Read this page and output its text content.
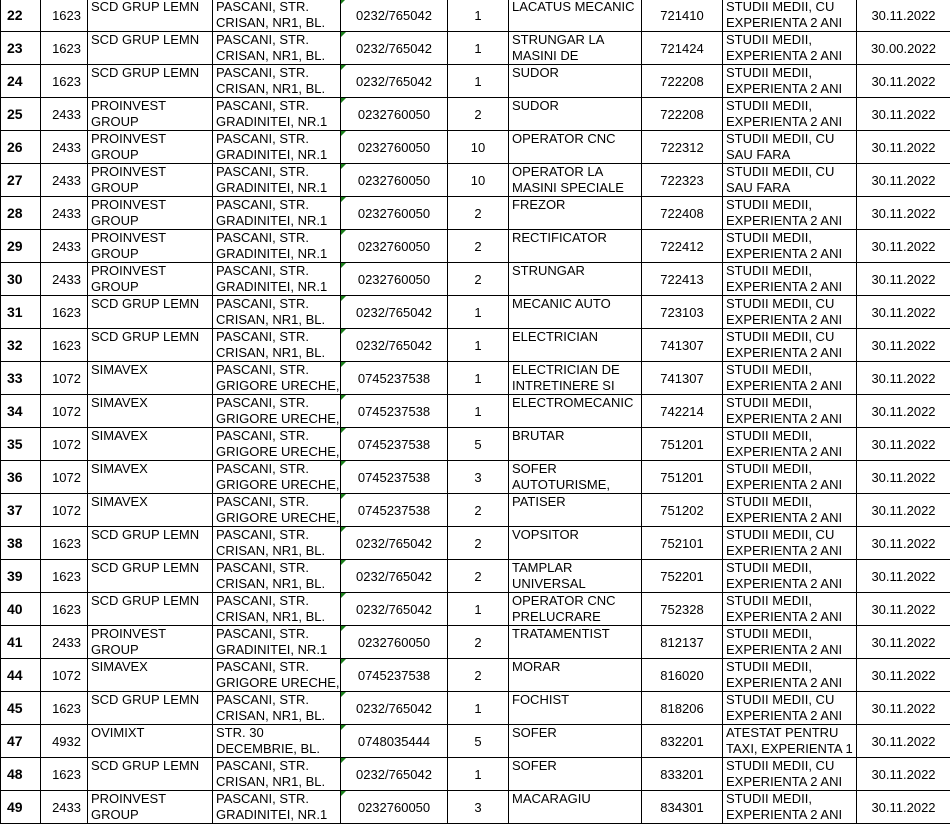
22	1623	SCD GRUP LEMN	PASCANI, STR. CRISAN, NR1, BL.	0232/765042	1	LACATUS MECANIC	721410	STUDII MEDII, CU EXPERIENTA 2 ANI	30.11.2022
23	1623	SCD GRUP LEMN	PASCANI, STR. CRISAN, NR1, BL.	0232/765042	1	STRUNGAR LA MASINI DE	721424	STUDII MEDII, EXPERIENTA 2 ANI	30.00.2022
24	1623	SCD GRUP LEMN	PASCANI, STR. CRISAN, NR1, BL.	0232/765042	1	SUDOR	722208	STUDII MEDII, EXPERIENTA 2 ANI	30.11.2022
25	2433	PROINVEST GROUP	PASCANI, STR. GRADINITEI, NR.1	0232760050	2	SUDOR	722208	STUDII MEDII, EXPERIENTA 2 ANI	30.11.2022
26	2433	PROINVEST GROUP	PASCANI, STR. GRADINITEI, NR.1	0232760050	10	OPERATOR CNC	722312	STUDII MEDII, CU SAU FARA	30.11.2022
27	2433	PROINVEST GROUP	PASCANI, STR. GRADINITEI, NR.1	0232760050	10	OPERATOR LA MASINI SPECIALE	722323	STUDII MEDII, CU SAU FARA	30.11.2022
28	2433	PROINVEST GROUP	PASCANI, STR. GRADINITEI, NR.1	0232760050	2	FREZOR	722408	STUDII MEDII, EXPERIENTA 2 ANI	30.11.2022
29	2433	PROINVEST GROUP	PASCANI, STR. GRADINITEI, NR.1	0232760050	2	RECTIFICATOR	722412	STUDII MEDII, EXPERIENTA 2 ANI	30.11.2022
30	2433	PROINVEST GROUP	PASCANI, STR. GRADINITEI, NR.1	0232760050	2	STRUNGAR	722413	STUDII MEDII, EXPERIENTA 2 ANI	30.11.2022
31	1623	SCD GRUP LEMN	PASCANI, STR. CRISAN, NR1, BL.	0232/765042	1	MECANIC AUTO	723103	STUDII MEDII, CU EXPERIENTA 2 ANI	30.11.2022
32	1623	SCD GRUP LEMN	PASCANI, STR. CRISAN, NR1, BL.	0232/765042	1	ELECTRICIAN	741307	STUDII MEDII, CU EXPERIENTA 2 ANI	30.11.2022
33	1072	SIMAVEX	PASCANI, STR. GRIGORE URECHE,	0745237538	1	ELECTRICIAN DE INTRETINERE SI	741307	STUDII MEDII, EXPERIENTA 2 ANI	30.11.2022
34	1072	SIMAVEX	PASCANI, STR. GRIGORE URECHE,	0745237538	1	ELECTROMECANIC	742214	STUDII MEDII, EXPERIENTA 2 ANI	30.11.2022
35	1072	SIMAVEX	PASCANI, STR. GRIGORE URECHE,	0745237538	5	BRUTAR	751201	STUDII MEDII, EXPERIENTA 2 ANI	30.11.2022
36	1072	SIMAVEX	PASCANI, STR. GRIGORE URECHE,	0745237538	3	SOFER AUTOTURISME,	751201	STUDII MEDII, EXPERIENTA 2 ANI	30.11.2022
37	1072	SIMAVEX	PASCANI, STR. GRIGORE URECHE,	0745237538	2	PATISER	751202	STUDII MEDII, EXPERIENTA 2 ANI	30.11.2022
38	1623	SCD GRUP LEMN	PASCANI, STR. CRISAN, NR1, BL.	0232/765042	2	VOPSITOR	752101	STUDII MEDII, CU EXPERIENTA 2 ANI	30.11.2022
39	1623	SCD GRUP LEMN	PASCANI, STR. CRISAN, NR1, BL.	0232/765042	2	TAMPLAR UNIVERSAL	752201	STUDII MEDII, EXPERIENTA 2 ANI	30.11.2022
40	1623	SCD GRUP LEMN	PASCANI, STR. CRISAN, NR1, BL.	0232/765042	1	OPERATOR CNC PRELUCRARE	752328	STUDII MEDII, EXPERIENTA 2 ANI	30.11.2022
41	2433	PROINVEST GROUP	PASCANI, STR. GRADINITEI, NR.1	0232760050	2	TRATAMENTIST	812137	STUDII MEDII, EXPERIENTA 2 ANI	30.11.2022
44	1072	SIMAVEX	PASCANI, STR. GRIGORE URECHE,	0745237538	2	MORAR	816020	STUDII MEDII, EXPERIENTA 2 ANI	30.11.2022
45	1623	SCD GRUP LEMN	PASCANI, STR. CRISAN, NR1, BL.	0232/765042	1	FOCHIST	818206	STUDII MEDII, CU EXPERIENTA 2 ANI	30.11.2022
47	4932	OVIMIXT	STR. 30 DECEMBRIE, BL.	0748035444	5	SOFER	832201	ATESTAT PENTRU TAXI, EXPERIENTA 1	30.11.2022
48	1623	SCD GRUP LEMN	PASCANI, STR. CRISAN, NR1, BL.	0232/765042	1	SOFER	833201	STUDII MEDII, CU EXPERIENTA 2 ANI	30.11.2022
49	2433	PROINVEST GROUP	PASCANI, STR. GRADINITEI, NR.1	0232760050	3	MACARAGIU	834301	STUDII MEDII, EXPERIENTA 2 ANI	30.11.2022
